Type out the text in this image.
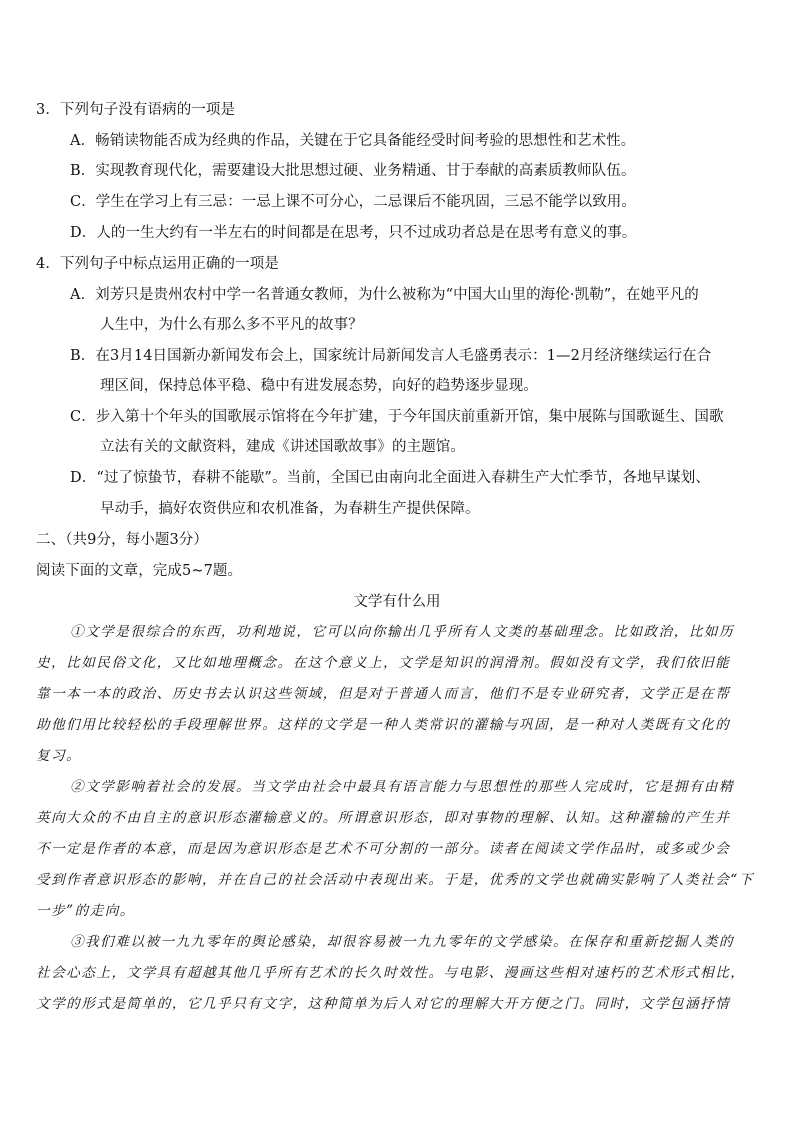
3．下列句子没有语病的一项是
A．畅销读物能否成为经典的作品，关键在于它具备能经受时间考验的思想性和艺术性。
B．实现教育现代化，需要建设大批思想过硬、业务精通、甘于奉献的高素质教师队伍。
C．学生在学习上有三忌：一忌上课不可分心，二忌课后不能巩固，三忌不能学以致用。
D．人的一生大约有一半左右的时间都是在思考，只不过成功者总是在思考有意义的事。
4．下列句子中标点运用正确的一项是
A．刘芳只是贵州农村中学一名普通女教师，为什么被称为“中国大山里的海伦·凯勒”，在她平凡的
人生中，为什么有那么多不平凡的故事？
B．在3月14日国新办新闻发布会上，国家统计局新闻发言人毛盛勇表示：1—2月经济继续运行在合
理区间，保持总体平稳、稳中有进发展态势，向好的趋势逐步显现。
C．步入第十个年头的国歌展示馆将在今年扩建，于今年国庆前重新开馆，集中展陈与国歌诞生、国歌
立法有关的文献资料，建成《讲述国歌故事》的主题馆。
D．“过了惊蛰节，春耕不能歇”。当前，全国已由南向北全面进入春耕生产大忙季节，各地早谋划、
早动手，搞好农资供应和农机准备，为春耕生产提供保障。
二、（共9分，每小题3分）
阅读下面的文章，完成5~7题。
文学有什么用
①文学是很综合的东西，功利地说，它可以向你输出几乎所有人文类的基础理念。比如政治，比如历
史，比如民俗文化，又比如地理概念。在这个意义上，文学是知识的润滑剂。假如没有文学，我们依旧能
靠一本一本的政治、历史书去认识这些领域，但是对于普通人而言，他们不是专业研究者，文学正是在帮
助他们用比较轻松的手段理解世界。这样的文学是一种人类常识的灌输与巩固，是一种对人类既有文化的
复习。
②文学影响着社会的发展。当文学由社会中最具有语言能力与思想性的那些人完成时，它是拥有由精
英向大众的不由自主的意识形态灌输意义的。所谓意识形态，即对事物的理解、认知。这种灌输的产生并
不一定是作者的本意，而是因为意识形态是艺术不可分割的一部分。读者在阅读文学作品时，或多或少会
受到作者意识形态的影响，并在自己的社会活动中表现出来。于是，优秀的文学也就确实影响了人类社会“下
一步”的走向。
③我们难以被一九九零年的舆论感染，却很容易被一九九零年的文学感染。在保存和重新挖掘人类的
社会心态上，文学具有超越其他几乎所有艺术的长久时效性。与电影、漫画这些相对速朽的艺术形式相比，
文学的形式是简单的，它几乎只有文字，这种简单为后人对它的理解大开方便之门。同时，文学包涵抒情
